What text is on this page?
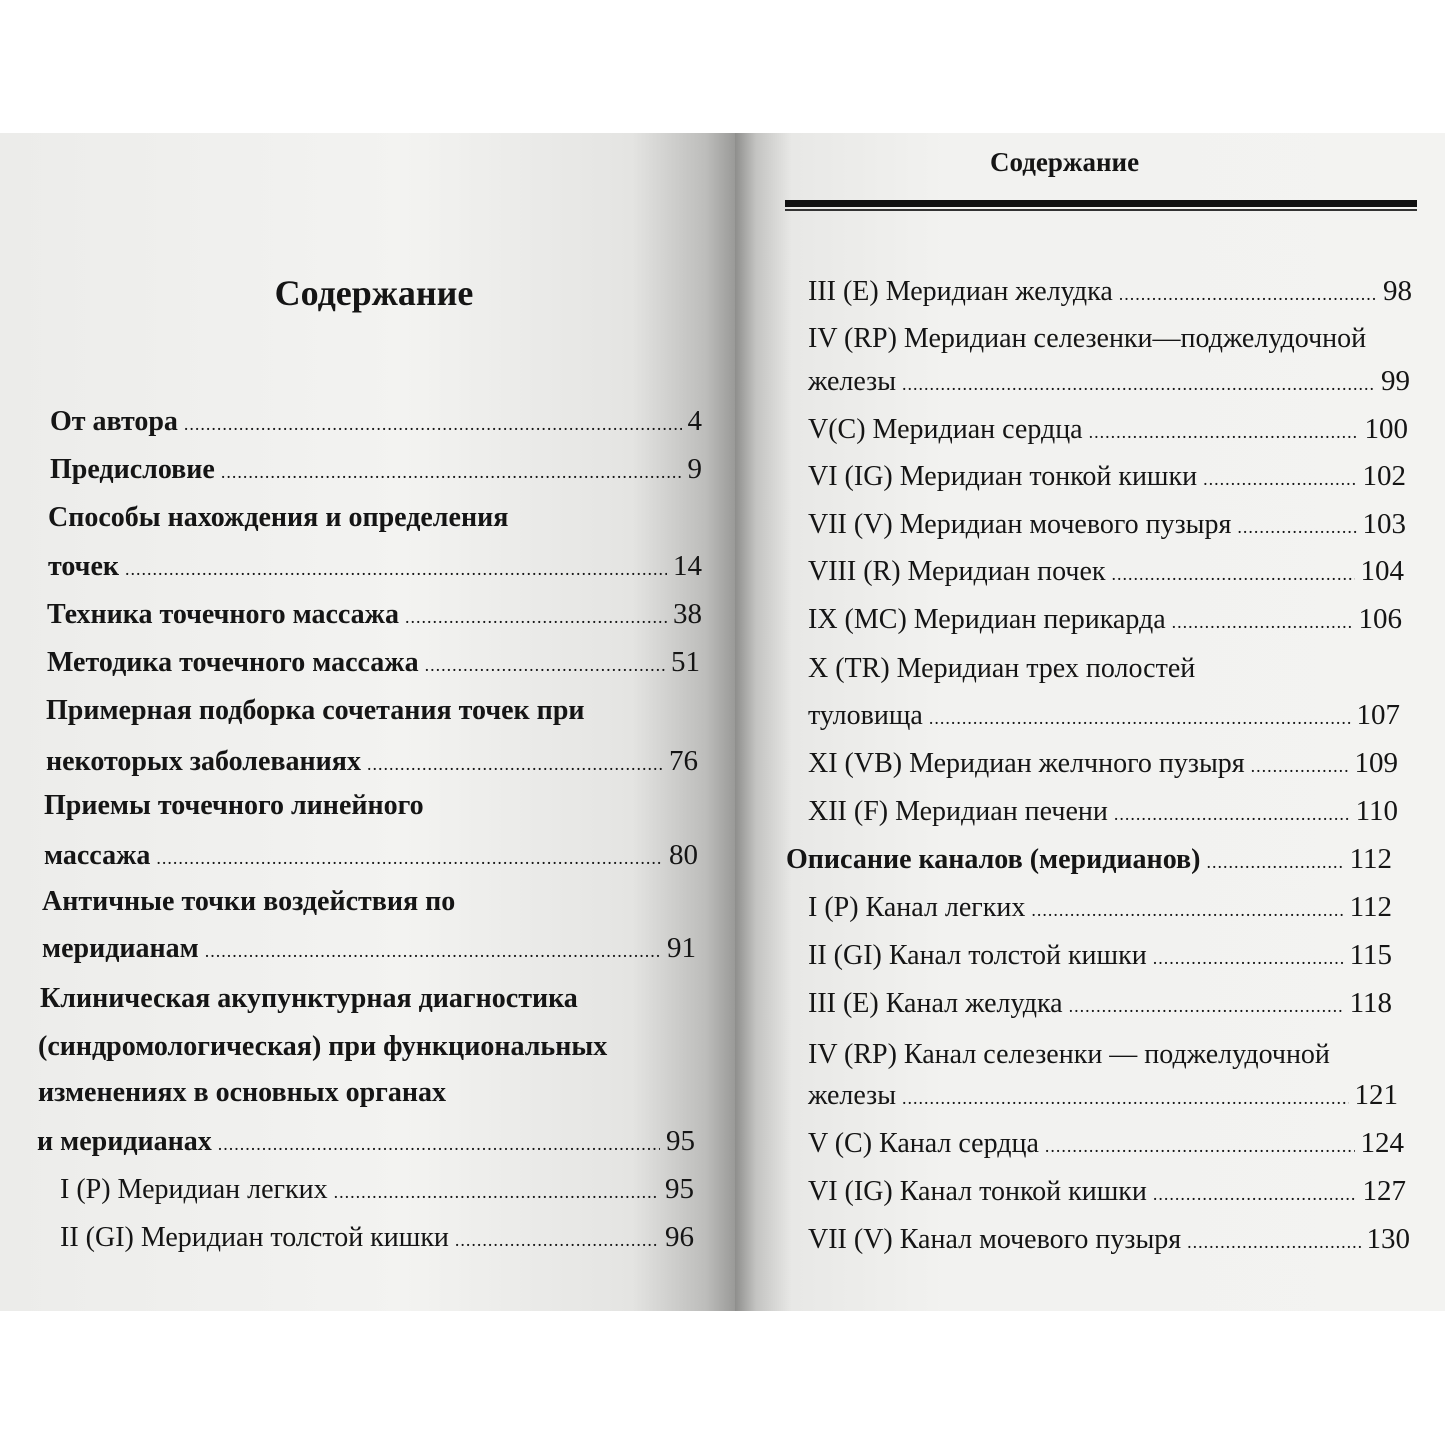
Содержание
От автора .....	4
Предисловие .....	9
Способы нахождения и определения
точек .....	14
Техника точечного массажа .....	38
Методика точечного массажа .....	51
Примерная подборка сочетания точек при
некоторых заболеваниях .....	76
Приемы точечного линейного
массажа .....	80
Античные точки воздействия по
меридианам .....	91
Клиническая акупунктурная диагностика
(синдромологическая) при функциональных
изменениях в основных органах
и меридианах .....	95
I (P) Меридиан легких .....	95
II (GI) Меридиан толстой кишки .....	96
Содержание
III (E) Меридиан желудка .....	98
IV (RP) Меридиан селезенки—поджелудочной
железы .....	99
V(C) Меридиан сердца .....	100
VI (IG) Меридиан тонкой кишки .....	102
VII (V) Меридиан мочевого пузыря .....	103
VIII (R) Меридиан почек .....	104
IX (MC) Меридиан перикарда .....	106
X (TR) Меридиан трех полостей
туловища .....	107
XI (VB) Меридиан желчного пузыря .....	109
XII (F) Меридиан печени .....	110
Описание каналов (меридианов) .....	112
I (P) Канал легких .....	112
II (GI) Канал толстой кишки .....	115
III (E) Канал желудка .....	118
IV (RP) Канал селезенки — поджелудочной
железы .....	121
V (C) Канал сердца .....	124
VI (IG) Канал тонкой кишки .....	127
VII (V) Канал мочевого пузыря .....	130
